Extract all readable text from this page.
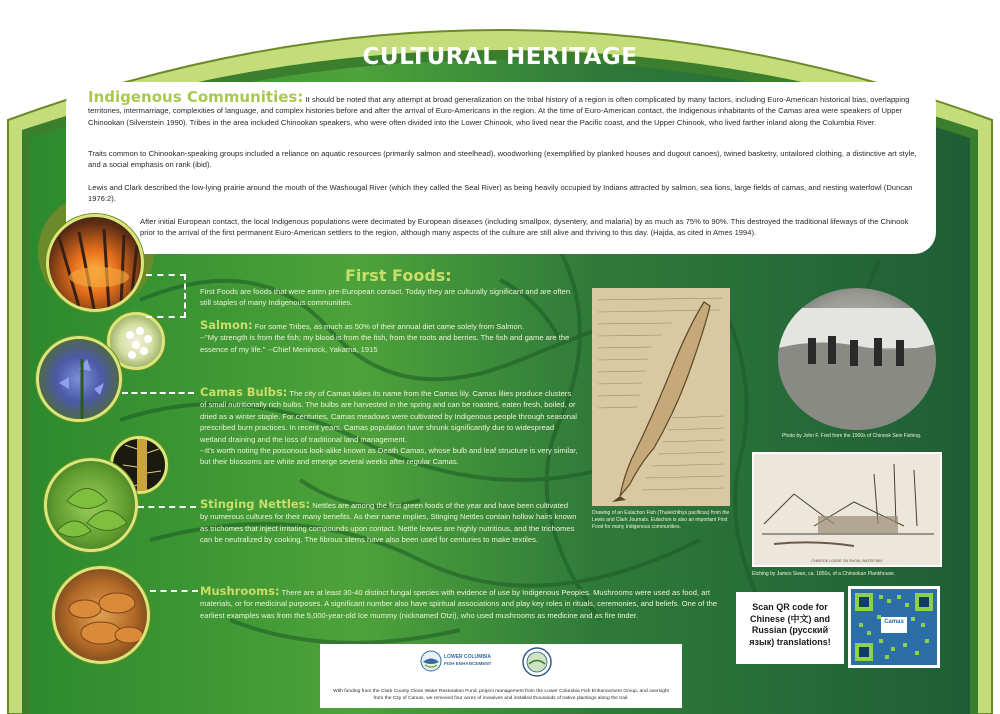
CULTURAL HERITAGE
Indigenous Communities: It should be noted that any attempt at broad generalization on the tribal history of a region is often complicated by many factors, including Euro-American historical bias, overlapping territories, intermarriage, complexities of language, and complex histories before and after the arrival of Euro-Americans in the region. At the time of Euro-American contact, the Indigenous inhabitants of the Camas area were speakers of Upper Chinookan (Silverstein 1990). Tribes in the area included Chinookan speakers, who were often divided into the Lower Chinook, who lived near the Pacific coast, and the Upper Chinook, who lived farther inland along the Columbia River.
Traits common to Chinookan-speaking groups included a reliance on aquatic resources (primarily salmon and steelhead), woodworking (exemplified by planked houses and dugout canoes), twined basketry, untailored clothing, a distinctive art style, and a social emphasis on rank (ibid).
Lewis and Clark described the low-lying prairie around the mouth of the Washougal River (which they called the Seal River) as being heavily occupied by Indians attracted by salmon, sea lions, large fields of camas, and nesting waterfowl (Duncan 1976:2).
After initial European contact, the local Indigenous populations were decimated by European diseases (including smallpox, dysentery, and malaria) by as much as 75% to 90%. This destroyed the traditional lifeways of the Chinook prior to the arrival of the first permanent Euro-American settlers to the region, although many aspects of the culture are still alive and thriving to this day. (Hajda, as cited in Ames 1994).
First Foods:
First Foods are foods that were eaten pre-European contact. Today they are culturally significant and are often still staples of many Indigenous communities.
Salmon: For some Tribes, as much as 50% of their annual diet came solely from Salmon.
--"My strength is from the fish; my blood is from the fish, from the roots and berries. The fish and game are the essence of my life." --Chief Meninock, Yakama, 1915
Camas Bulbs: The city of Camas takes its name from the Camas lily. Camas lilies produce clusters of small nutritionally rich bulbs. The bulbs are harvested in the spring and can be roasted, eaten fresh, boiled, or dried as a winter staple. For centuries, Camas meadows were cultivated by Indigenous people through seasonal prescribed burn practices. In recent years, Camas population have shrunk significantly due to widespread wetland draining and the loss of traditional land management.
--It's worth noting the poisonous look-alike known as Death Camas, whose bulb and leaf structure is very similar, but their blossoms are white and emerge several weeks after regular Camas.
Stinging Nettles: Nettles are among the first green foods of the year and have been cultivated by numerous cultures for their many benefits. As their name implies, Stinging Nettles contain hollow hairs known as trichomes that inject irritating compounds upon contact. Nettle leaves are highly nutritious, and the trichomes can be neutralized by cooking. The fibrous stems have also been used for centuries to make textiles.
Mushrooms: There are at least 30-40 distinct fungal species with evidence of use by Indigenous Peoples. Mushrooms were used as food, art materials, or for medicinal purposes. A significant number also have spiritual associations and play key roles in rituals, ceremonies, and beliefs. One of the earliest examples was from the 5,000-year-old Ice mummy (nicknamed Otzi), who used mushrooms as medicine and as fire tinder.
Drawing of an Eulachon Fish (Thaleichthys pacificus) from the Lewis and Clark Journals. Eulachon is also an important First Food for many Indigenous communities.
Photo by John F. Ford from the 1900s of Chinook Sein Fishing.
CHINOOK LODGE ON SHOAL WATER BAY
Etching by James Swan, ca. 1850s, of a Chinookan Plankhouse.
Scan QR code for
Chinese (中文) and
Russian (русский
язык) translations!
Camas
LOWER COLUMBIA
FISH ENHANCEMENT
With funding from the Clark County Clean Water Restoration Fund, project management from the Lower Columbia Fish Enhancement Group, and oversight from the City of Camas, we removed four acres of invasives and installed thousands of native plantings along the trail.
